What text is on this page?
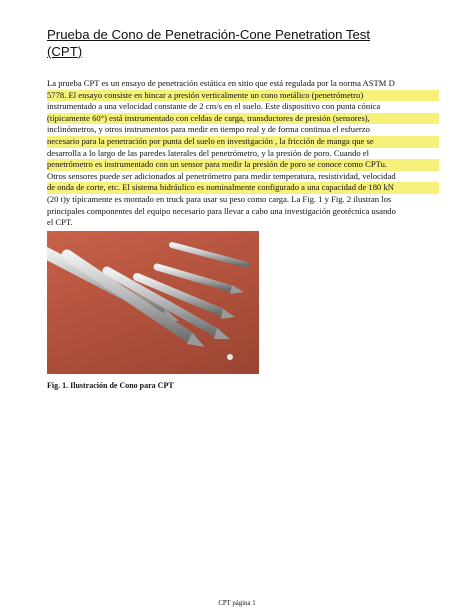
Prueba de Cono de Penetración-Cone Penetration Test
(CPT)
La prueba CPT es un ensayo de penetración estática en sitio que está regulada por la norma ASTM D
5778. El ensayo consiste en hincar a presión verticalmente un cono metálico (penetrómetro)
instrumentado a una velocidad constante de 2 cm/s en el suelo. Este dispositivo con punta cónica
(típicamente 60°) está instrumentado con celdas de carga, transductores de presión (sensores),
inclinómetros, y otros instrumentos para medir en tiempo real y de forma continua el esfuerzo
necesario para la penetración por punta del suelo en investigación , la fricción de manga que se
desarrolla a lo largo de las paredes laterales del penetrómetro, y la presión de poro. Cuando el
penetrómetro es instrumentado con un sensor para medir la presión de poro se conoce como CPTu.
Otros sensores puede ser adicionados al penetrómetro para medir temperatura, resistividad, velocidad
de onda de corte, etc. El sistema hidráulico es nominalmente configurado a una capacidad de 180 kN
(20 t)y típicamente es montado en truck para usar su peso como carga. La Fig. 1 y Fig. 2 ilustran los
principales componentes del equipo necesario para llevar a cabo una investigación geotécnica usando
el CPT.
Fig. 1. Ilustración de Cono para CPT
CPT página 1
